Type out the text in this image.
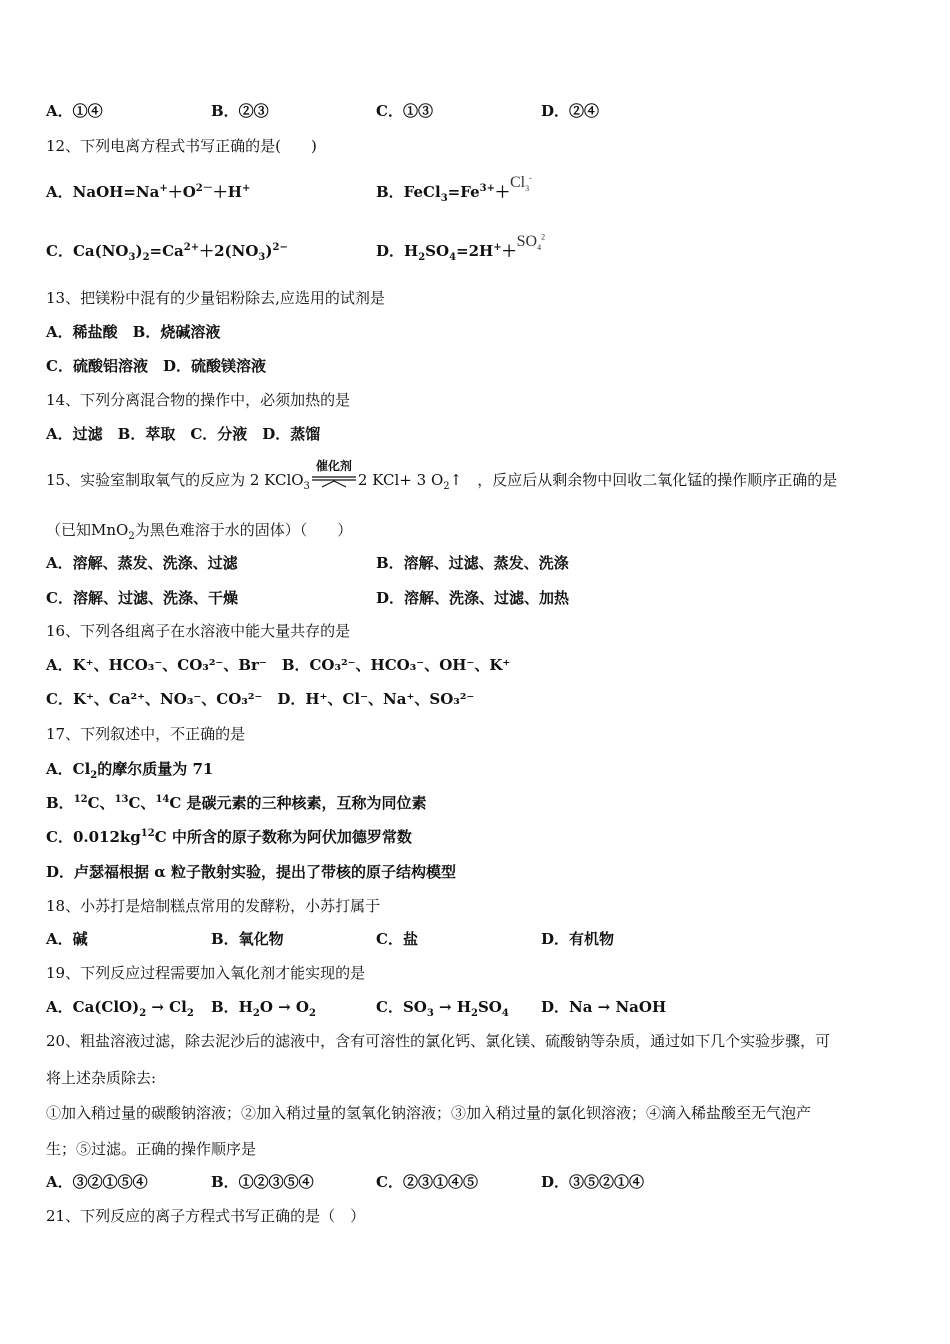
A．①④	B．②③	C．①③	D．②④
12、下列电离方程式书写正确的是(　　)
A．$NaOH=Na^++O^{2-}+H^+$	B．$FeCl_3=Fe^{3+}+Cl_3^-$
C．$Ca(NO_3)_2=Ca^{2+}+2(NO_3)^{2-}$	D．$H_2SO_4=2H^++SO_4^2$
13、把镁粉中混有的少量铝粉除去,应选用的试剂是
A．稀盐酸　B．烧碱溶液
C．硫酸铝溶液　D．硫酸镁溶液
14、下列分离混合物的操作中，必须加热的是
A．过滤　B．萃取　C．分液　D．蒸馏
15、实验室制取氧气的反应为 2 KClO$_3$
催化剂
2 KCl+ 3 $O_2↑$　，反应后从剩余物中回收二氧化锰的操作顺序正确的是
（已知MnO$_2$为黑色难溶于水的固体）（　　）
A．溶解、蒸发、洗涤、过滤	B．溶解、过滤、蒸发、洗涤
C．溶解、过滤、洗涤、干燥	D．溶解、洗涤、过滤、加热
16、下列各组离子在水溶液中能大量共存的是
A．K⁺、HCO₃⁻、CO₃²⁻、Br⁻　B．CO₃²⁻、HCO₃⁻、OH⁻、K⁺
C．K⁺、Ca²⁺、NO₃⁻、CO₃²⁻　D．H⁺、Cl⁻、Na⁺、SO₃²⁻
17、下列叙述中，不正确的是
A．$Cl_2$的摩尔质量为 71
B．$^{12}$C、$^{13}$C、$^{14}$C 是碳元素的三种核素，互称为同位素
C．$0.012kg^{12}C$ 中所含的原子数称为阿伏加德罗常数
D．卢瑟福根据 α 粒子散射实验，提出了带核的原子结构模型
18、小苏打是焙制糕点常用的发酵粉，小苏打属于
A．碱	B．氧化物	C．盐	D．有机物
19、下列反应过程需要加入氧化剂才能实现的是
A．$Ca(ClO)_2 \to Cl_2$ B．$H_2O \to O_2$	C．$SO_3 \to H_2SO_4$ D．Na → NaOH
20、粗盐溶液过滤，除去泥沙后的滤液中，含有可溶性的氯化钙、氯化镁、硫酸钠等杂质，通过如下几个实验步骤，可
将上述杂质除去:
①加入稍过量的碳酸钠溶液；②加入稍过量的氢氧化钠溶液；③加入稍过量的氯化钡溶液；④滴入稀盐酸至无气泡产
生；⑤过滤。正确的操作顺序是
A．③②①⑤④	B．①②③⑤④	C．②③①④⑤	D．③⑤②①④
21、下列反应的离子方程式书写正确的是（　）
